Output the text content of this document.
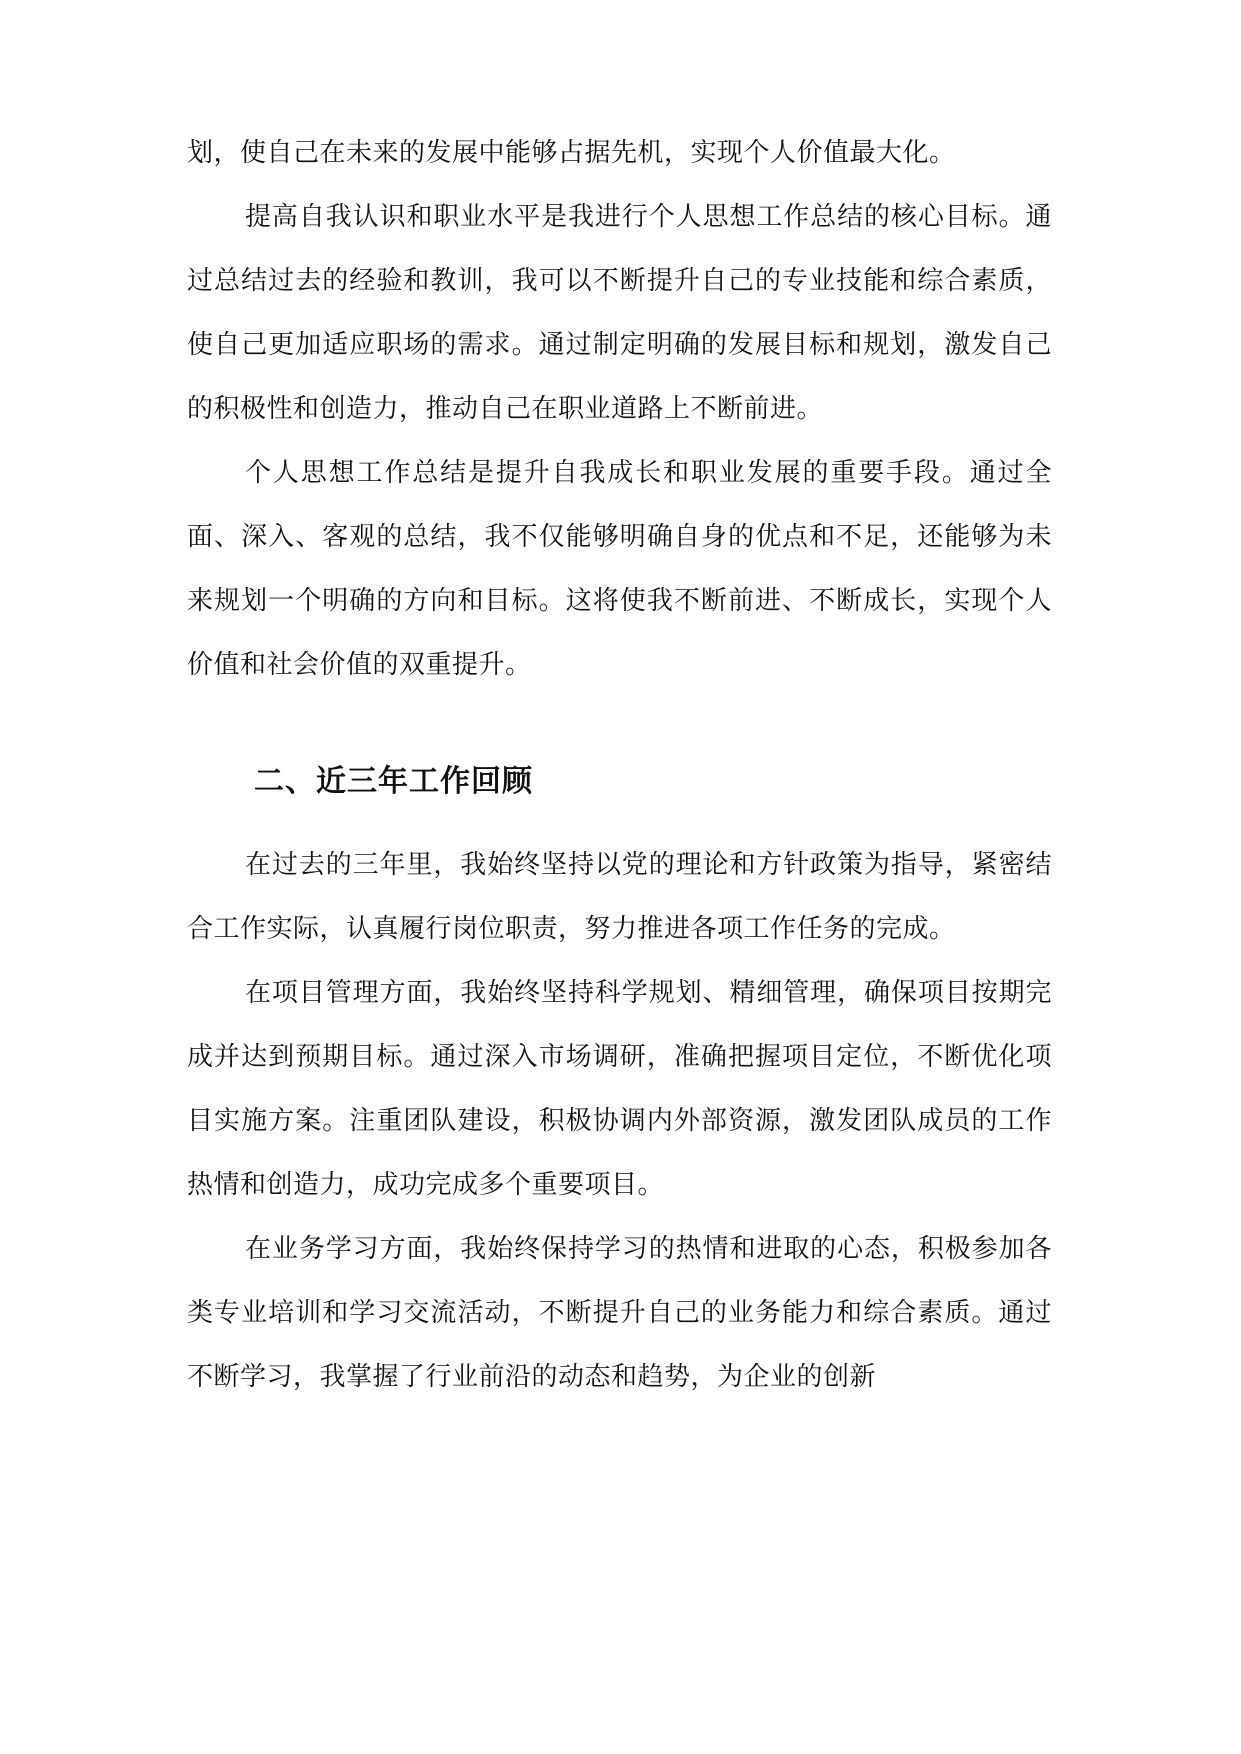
划，使自己在未来的发展中能够占据先机，实现个人价值最大化。
提高自我认识和职业水平是我进行个人思想工作总结的核心目标。通过总结过去的经验和教训，我可以不断提升自己的专业技能和综合素质，使自己更加适应职场的需求。通过制定明确的发展目标和规划，激发自己的积极性和创造力，推动自己在职业道路上不断前进。
个人思想工作总结是提升自我成长和职业发展的重要手段。通过全面、深入、客观的总结，我不仅能够明确自身的优点和不足，还能够为未来规划一个明确的方向和目标。这将使我不断前进、不断成长，实现个人价值和社会价值的双重提升。
二、近三年工作回顾
在过去的三年里，我始终坚持以党的理论和方针政策为指导，紧密结合工作实际，认真履行岗位职责，努力推进各项工作任务的完成。
在项目管理方面，我始终坚持科学规划、精细管理，确保项目按期完成并达到预期目标。通过深入市场调研，准确把握项目定位，不断优化项目实施方案。注重团队建设，积极协调内外部资源，激发团队成员的工作热情和创造力，成功完成多个重要项目。
在业务学习方面，我始终保持学习的热情和进取的心态，积极参加各类专业培训和学习交流活动，不断提升自己的业务能力和综合素质。通过不断学习，我掌握了行业前沿的动态和趋势，为企业的创新
